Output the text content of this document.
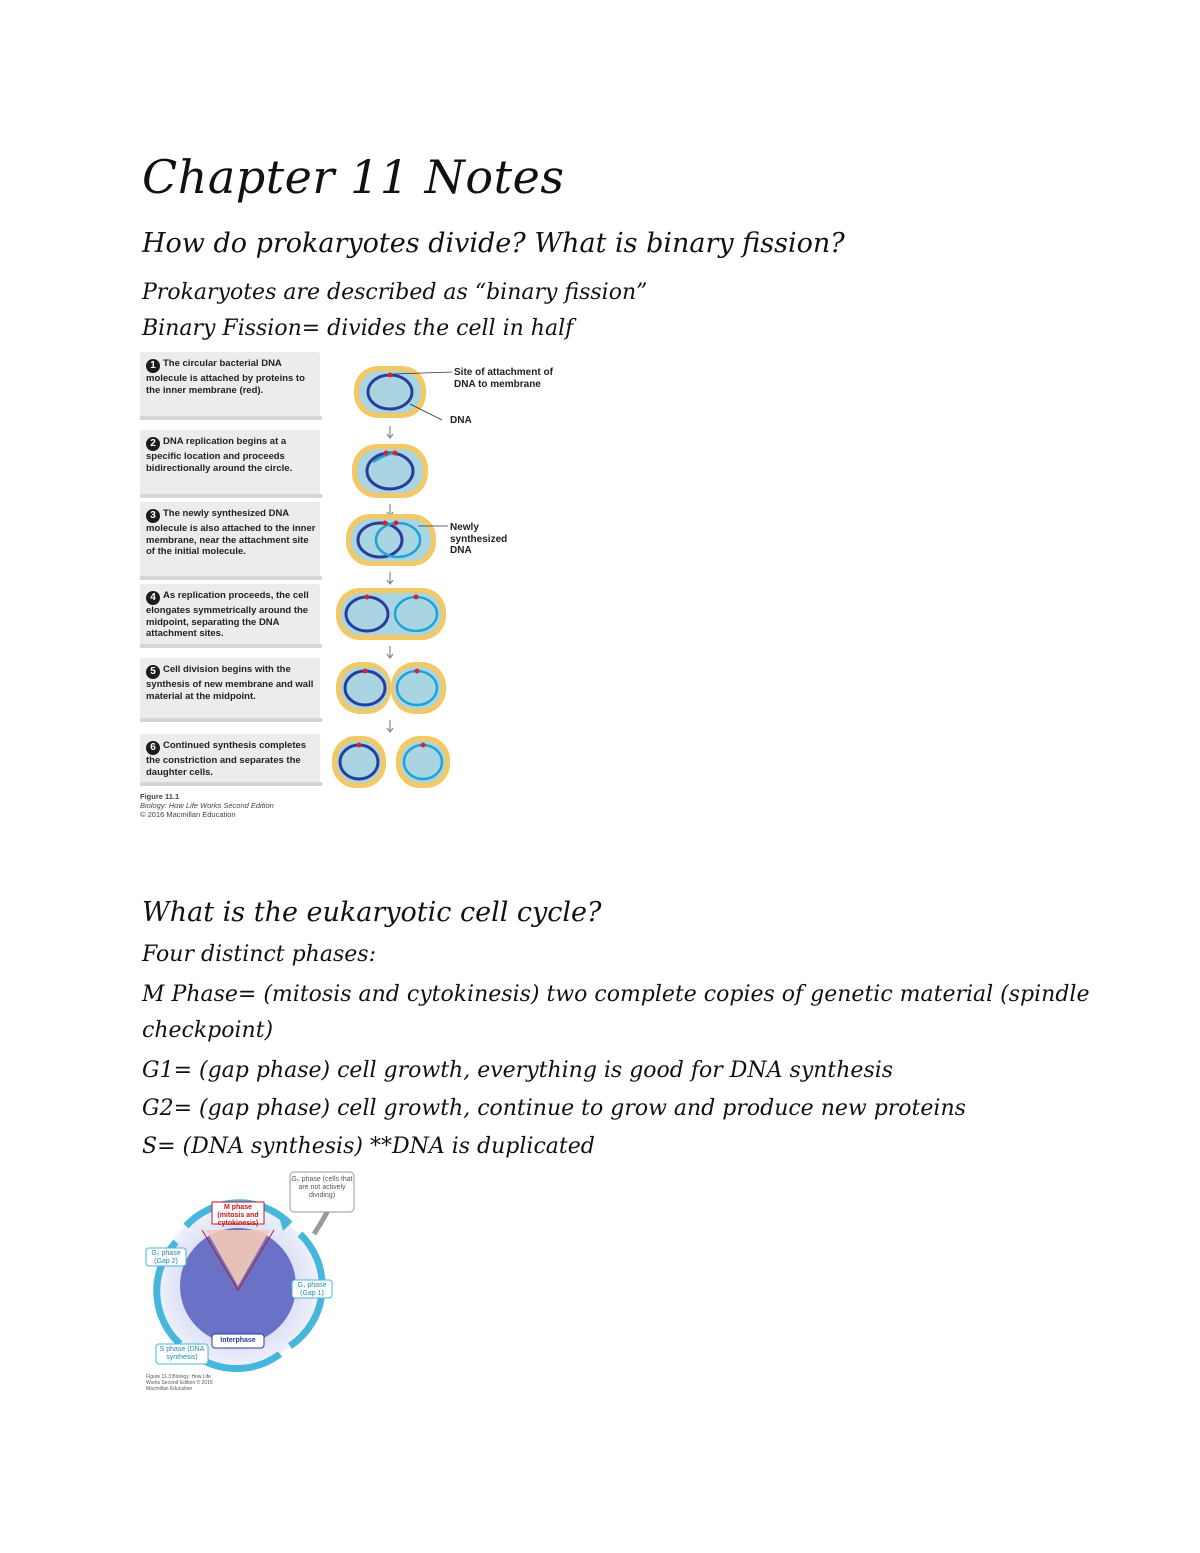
Chapter 11 Notes
How do prokaryotes divide? What is binary fission?
Prokaryotes are described as “binary fission”
Binary Fission= divides the cell in half
1 The circular bacterial DNA molecule is attached by proteins to the inner membrane (red).
2 DNA replication begins at a specific location and proceeds bidirectionally around the circle.
3 The newly synthesized DNA molecule is also attached to the inner membrane, near the attachment site of the initial molecule.
4 As replication proceeds, the cell elongates symmetrically around the midpoint, separating the DNA attachment sites.
5 Cell division begins with the synthesis of new membrane and wall material at the midpoint.
6 Continued synthesis completes the constriction and separates the daughter cells.
Site of attachment of DNA to membrane
DNA
Newly synthesized DNA
Figure 11.1
Biology: How Life Works Second Edition
© 2016 Macmillan Education
What is the eukaryotic cell cycle?
Four distinct phases:
M Phase= (mitosis and cytokinesis) two complete copies of genetic material (spindle
checkpoint)
G1= (gap phase) cell growth, everything is good for DNA synthesis
G2= (gap phase) cell growth, continue to grow and produce new proteins
S= (DNA synthesis) **DNA is duplicated
M phase (mitosis and cytokinesis)
G₀ phase (cells that are not actively dividing)
G₂ phase (Gap 2)
G₁ phase (Gap 1)
Interphase
S phase (DNA synthesis)
Figure 11.3 Biology: How Life Works Second Edition © 2016 Macmillan Education
